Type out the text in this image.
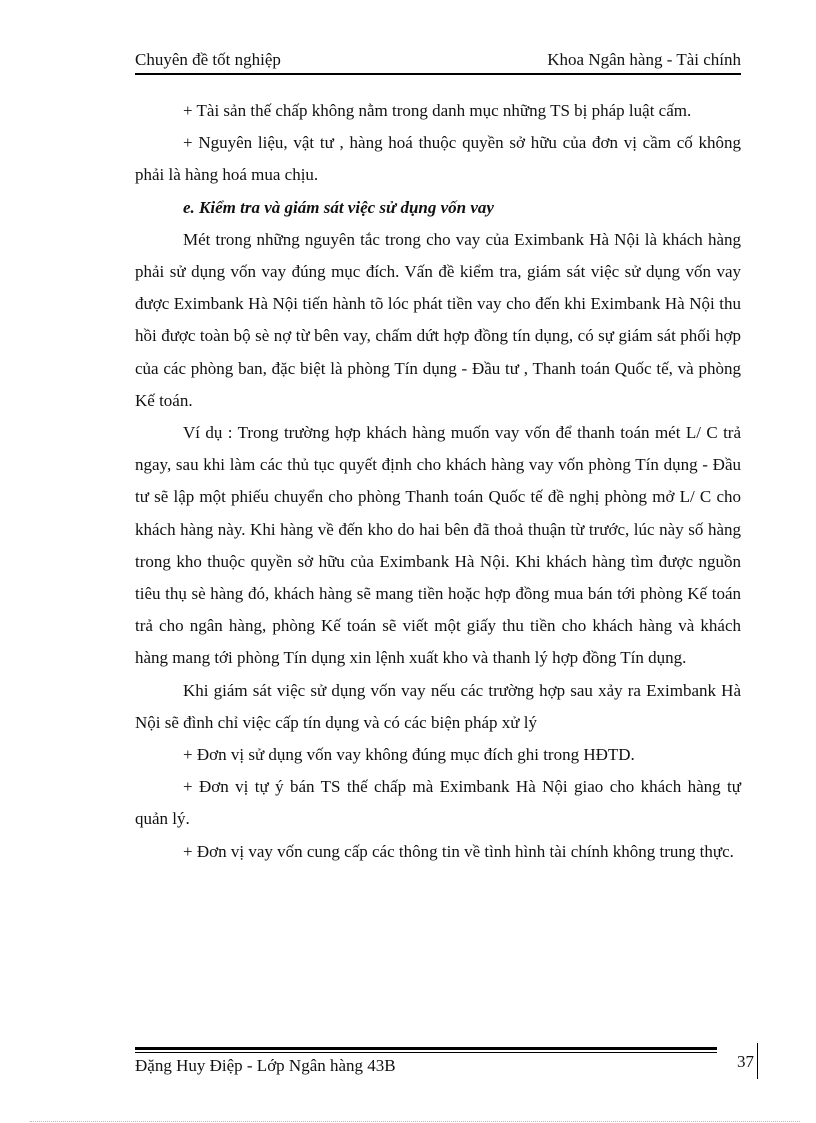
Chuyên đề tốt nghiệp	Khoa Ngân hàng - Tài chính

+ Tài sản thế chấp không nằm trong danh mục những TS bị pháp luật cấm.

+ Nguyên liệu, vật tư , hàng hoá thuộc quyền sở hữu của đơn vị cầm cố không phải là hàng hoá mua chịu.

e. Kiểm tra và giám sát việc sử dụng vốn vay

Mét trong những nguyên tắc trong cho vay của Eximbank Hà Nội là khách hàng phải sử dụng vốn vay đúng mục đích. Vấn đề kiểm tra, giám sát việc sử dụng vốn vay được Eximbank Hà Nội tiến hành tõ lóc phát tiền vay cho đến khi Eximbank Hà Nội thu hồi được toàn bộ sè nợ từ bên vay, chấm dứt hợp đồng tín dụng, có sự giám sát phối hợp của các phòng ban, đặc biệt là phòng Tín dụng - Đầu tư , Thanh toán Quốc tế, và phòng Kế toán.

Ví dụ : Trong trường hợp khách hàng muốn vay vốn để thanh toán mét L/ C trả ngay, sau khi làm các thủ tục quyết định cho khách hàng vay vốn phòng Tín dụng - Đầu tư sẽ lập một phiếu chuyển cho phòng Thanh toán Quốc tế đề nghị phòng mở L/ C cho khách hàng này. Khi hàng về đến kho do hai bên đã thoả thuận từ trước, lúc này số hàng trong kho thuộc quyền sở hữu của Eximbank Hà Nội. Khi khách hàng tìm được nguồn tiêu thụ sè hàng đó, khách hàng sẽ mang tiền hoặc hợp đồng mua bán tới phòng Kế toán trả cho ngân hàng, phòng Kế toán sẽ viết một giấy thu tiền cho khách hàng và khách hàng mang tới phòng Tín dụng xin lệnh xuất kho và thanh lý hợp đồng Tín dụng.

Khi giám sát việc sử dụng vốn vay nếu các trường hợp sau xảy ra Eximbank Hà Nội sẽ đình chỉ việc cấp tín dụng và có các biện pháp xử lý

+ Đơn vị sử dụng vốn vay không đúng mục đích ghi trong HĐTD.

+ Đơn vị tự ý bán TS thế chấp mà Eximbank Hà Nội giao cho khách hàng tự quản lý.

+ Đơn vị vay vốn cung cấp các thông tin về tình hình tài chính không trung thực.

Đặng Huy Điệp - Lớp Ngân hàng 43B	37
